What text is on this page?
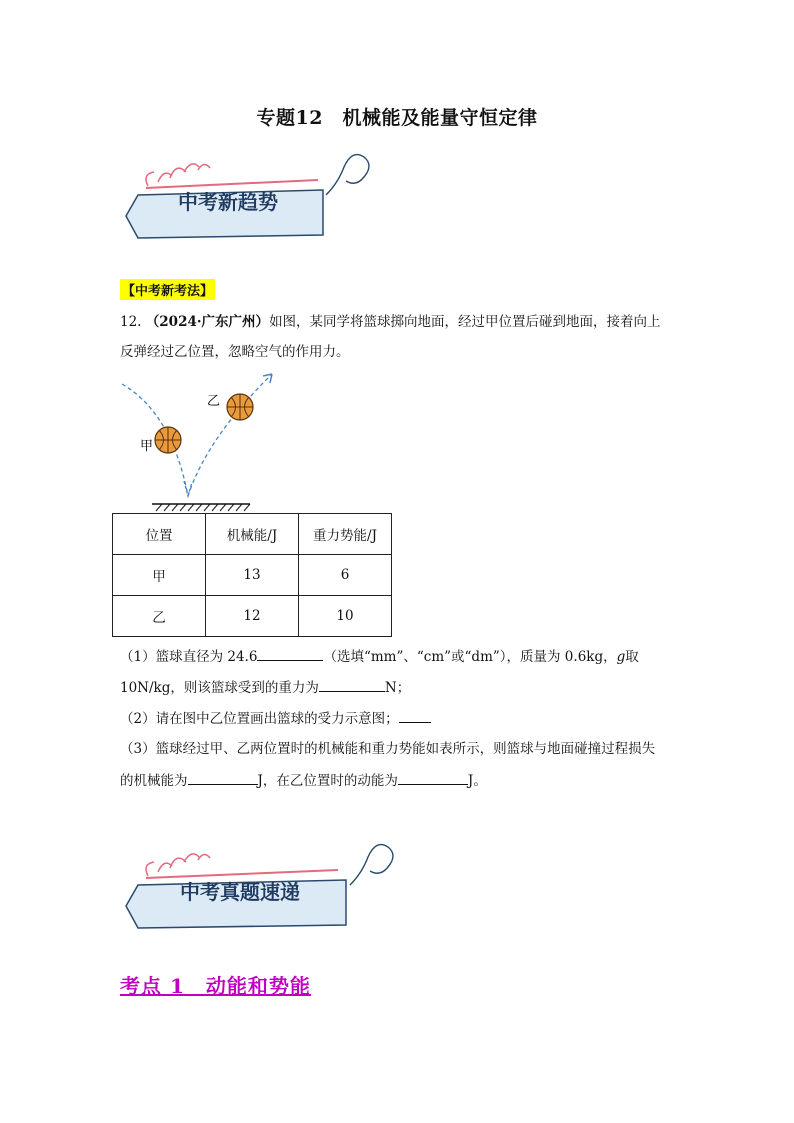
专题12　机械能及能量守恒定律
中考新趋势
【中考新考法】
12. （2024·广东广州）如图，某同学将篮球掷向地面，经过甲位置后碰到地面，接着向上
反弹经过乙位置，忽略空气的作用力。
甲
乙
位置	机械能/J	重力势能/J
甲	13	6
乙	12	10
（1）篮球直径为 24.6	（选填“mm”、“cm”或“dm”），质量为 0.6kg，g取
10N/kg，则该篮球受到的重力为	N；
（2）请在图中乙位置画出篮球的受力示意图；
（3）篮球经过甲、乙两位置时的机械能和重力势能如表所示，则篮球与地面碰撞过程损失
的机械能为	J，在乙位置时的动能为	J。
中考真题速递
考点 1　动能和势能
